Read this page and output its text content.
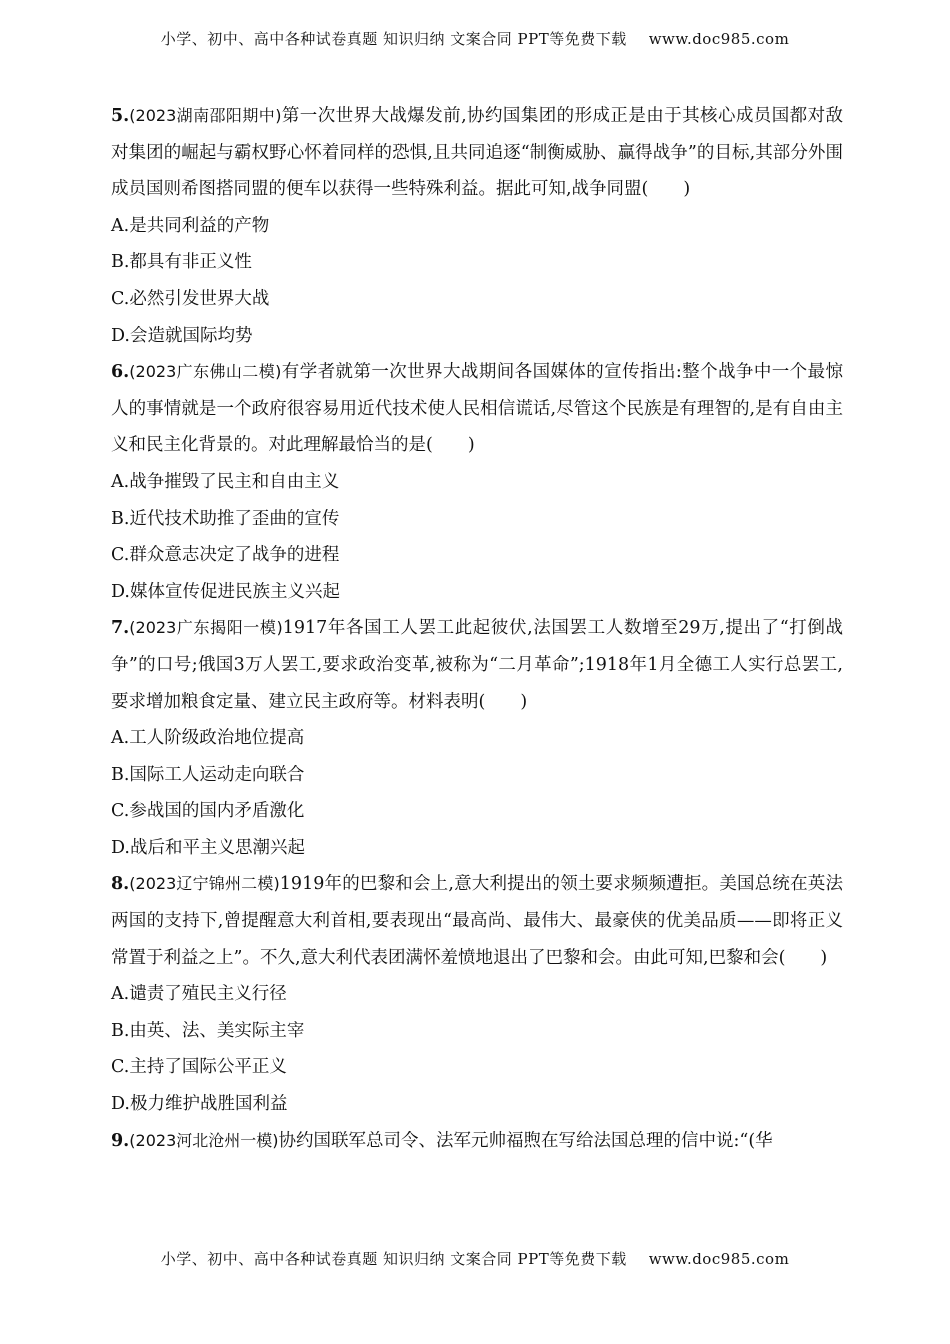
小学、初中、高中各种试卷真题 知识归纳 文案合同 PPT等免费下载 www.doc985.com

5.(2023湖南邵阳期中)第一次世界大战爆发前,协约国集团的形成正是由于其核心成员国都对敌对集团的崛起与霸权野心怀着同样的恐惧,且共同追逐“制衡威胁、赢得战争”的目标,其部分外围成员国则希图搭同盟的便车以获得一些特殊利益。据此可知,战争同盟(　　)

A.是共同利益的产物

B.都具有非正义性

C.必然引发世界大战

D.会造就国际均势

6.(2023广东佛山二模)有学者就第一次世界大战期间各国媒体的宣传指出:整个战争中一个最惊人的事情就是一个政府很容易用近代技术使人民相信谎话,尽管这个民族是有理智的,是有自由主义和民主化背景的。对此理解最恰当的是(　　)

A.战争摧毁了民主和自由主义

B.近代技术助推了歪曲的宣传

C.群众意志决定了战争的进程

D.媒体宣传促进民族主义兴起

7.(2023广东揭阳一模)1917年各国工人罢工此起彼伏,法国罢工人数增至29万,提出了“打倒战争”的口号;俄国3万人罢工,要求政治变革,被称为“二月革命”;1918年1月全德工人实行总罢工,要求增加粮食定量、建立民主政府等。材料表明(　　)

A.工人阶级政治地位提高

B.国际工人运动走向联合

C.参战国的国内矛盾激化

D.战后和平主义思潮兴起

8.(2023辽宁锦州二模)1919年的巴黎和会上,意大利提出的领土要求频频遭拒。美国总统在英法两国的支持下,曾提醒意大利首相,要表现出“最高尚、最伟大、最豪侠的优美品质——即将正义常置于利益之上”。不久,意大利代表团满怀羞愤地退出了巴黎和会。由此可知,巴黎和会(　　)

A.谴责了殖民主义行径

B.由英、法、美实际主宰

C.主持了国际公平正义

D.极力维护战胜国利益

9.(2023河北沧州一模)协约国联军总司令、法军元帅福煦在写给法国总理的信中说:“(华

小学、初中、高中各种试卷真题 知识归纳 文案合同 PPT等免费下载 www.doc985.com
